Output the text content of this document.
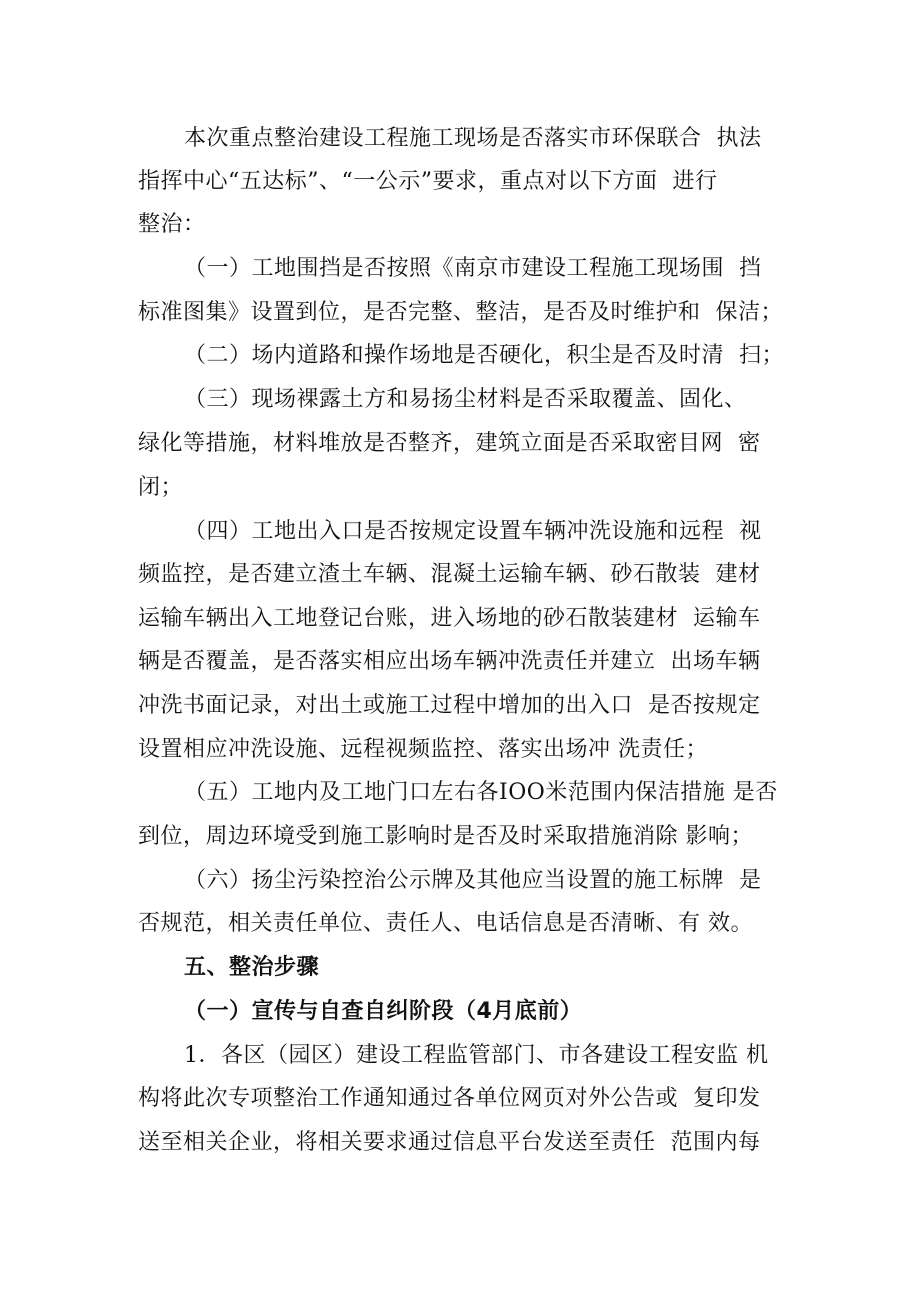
本次重点整治建设工程施工现场是否落实市环保联合  执法
指挥中心“五达标”、“一公示”要求，重点对以下方面  进行
整治：
（一）工地围挡是否按照《南京市建设工程施工现场围  挡
标准图集》设置到位，是否完整、整洁，是否及时维护和  保洁；
（二）场内道路和操作场地是否硬化，积尘是否及时清  扫；
（三）现场裸露土方和易扬尘材料是否采取覆盖、固化、
绿化等措施，材料堆放是否整齐，建筑立面是否采取密目网  密
闭；
（四）工地出入口是否按规定设置车辆冲洗设施和远程  视
频监控，是否建立渣土车辆、混凝土运输车辆、砂石散装  建材
运输车辆出入工地登记台账，进入场地的砂石散装建材  运输车
辆是否覆盖，是否落实相应出场车辆冲洗责任并建立  出场车辆
冲洗书面记录，对出土或施工过程中增加的出入口  是否按规定
设置相应冲洗设施、远程视频监控、落实出场冲 洗责任；
（五）工地内及工地门口左右各IOO米范围内保洁措施 是否
到位，周边环境受到施工影响时是否及时采取措施消除 影响；
（六）扬尘污染控治公示牌及其他应当设置的施工标牌  是
否规范，相关责任单位、责任人、电话信息是否清晰、有 效。
五、整治步骤
（一）宣传与自查自纠阶段（4月底前）
1．各区（园区）建设工程监管部门、市各建设工程安监 机
构将此次专项整治工作通知通过各单位网页对外公告或  复印发
送至相关企业，将相关要求通过信息平台发送至责任  范围内每
